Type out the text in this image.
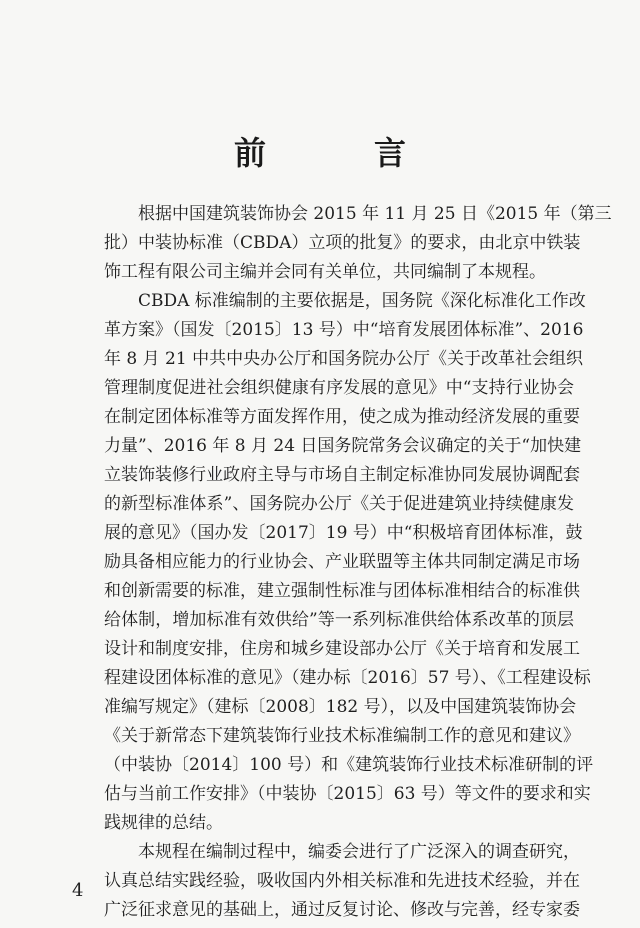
前　言
　　根据中国建筑装饰协会 2015 年 11 月 25 日《2015 年（第三
批）中装协标准（CBDA）立项的批复》的要求，由北京中铁装
饰工程有限公司主编并会同有关单位，共同编制了本规程。
　　CBDA 标准编制的主要依据是，国务院《深化标准化工作改
革方案》（国发〔2015〕13 号）中“培育发展团体标准”、2016
年 8 月 21 中共中央办公厅和国务院办公厅《关于改革社会组织
管理制度促进社会组织健康有序发展的意见》中“支持行业协会
在制定团体标准等方面发挥作用，使之成为推动经济发展的重要
力量”、2016 年 8 月 24 日国务院常务会议确定的关于“加快建
立装饰装修行业政府主导与市场自主制定标准协同发展协调配套
的新型标准体系”、国务院办公厅《关于促进建筑业持续健康发
展的意见》（国办发〔2017〕19 号）中“积极培育团体标准，鼓
励具备相应能力的行业协会、产业联盟等主体共同制定满足市场
和创新需要的标准，建立强制性标准与团体标准相结合的标准供
给体制，增加标准有效供给”等一系列标准供给体系改革的顶层
设计和制度安排，住房和城乡建设部办公厅《关于培育和发展工
程建设团体标准的意见》（建办标〔2016〕57 号）、《工程建设标
准编写规定》（建标〔2008〕182 号），以及中国建筑装饰协会
《关于新常态下建筑装饰行业技术标准编制工作的意见和建议》
（中装协〔2014〕100 号）和《建筑装饰行业技术标准研制的评
估与当前工作安排》（中装协〔2015〕63 号）等文件的要求和实
践规律的总结。
　　本规程在编制过程中，编委会进行了广泛深入的调查研究，
认真总结实践经验，吸收国内外相关标准和先进技术经验，并在
广泛征求意见的基础上，通过反复讨论、修改与完善，经专家委
4
